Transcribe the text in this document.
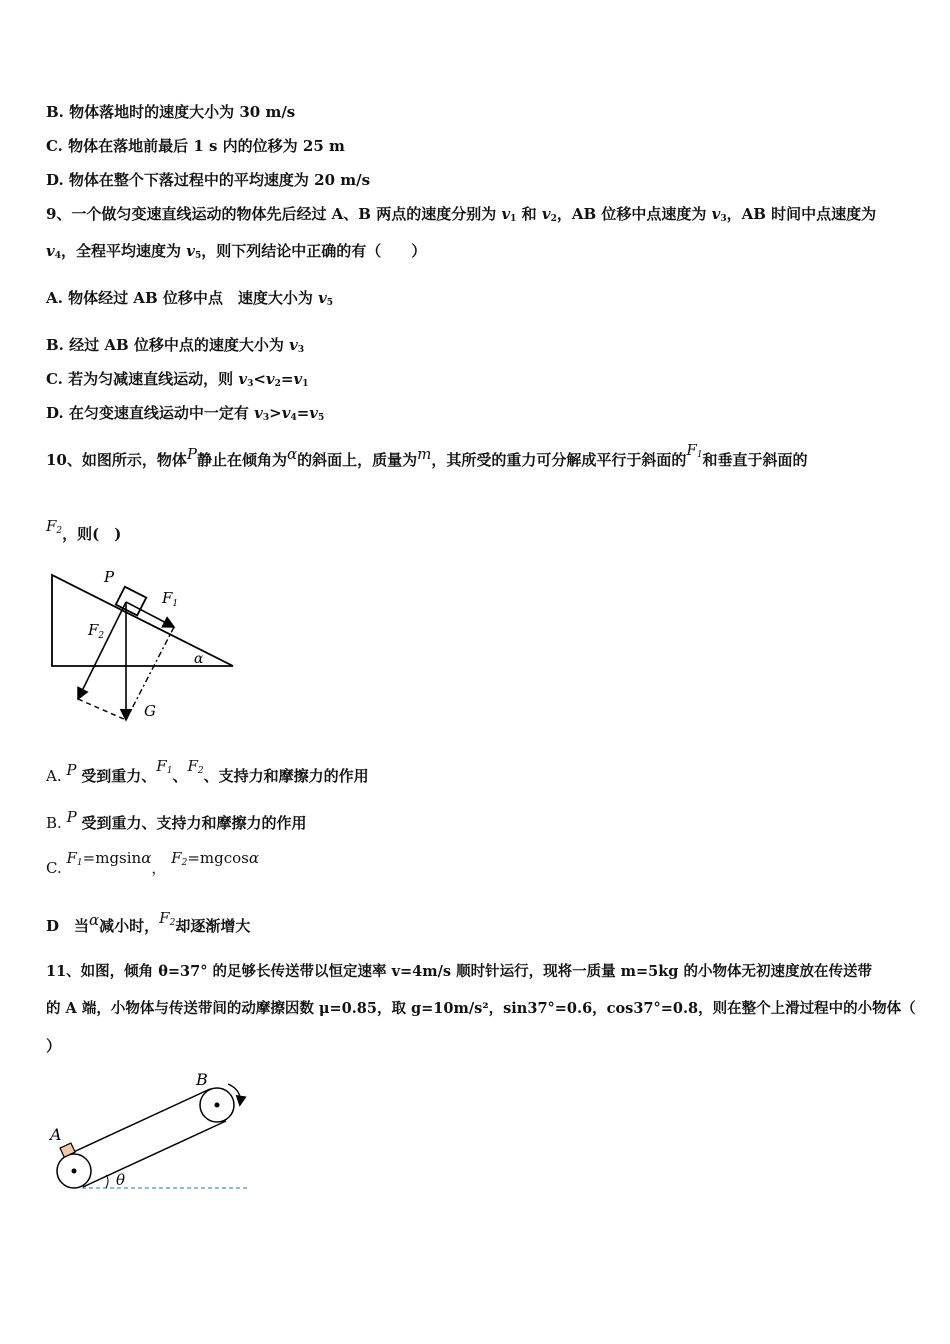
B. 物体落地时的速度大小为 30 m/s
C. 物体在落地前最后 1 s 内的位移为 25 m
D. 物体在整个下落过程中的平均速度为 20 m/s
9、一个做匀变速直线运动的物体先后经过 A、B 两点的速度分别为 $v_1$ 和 $v_2$，AB 位移中点速度为 $v_3$，AB 时间中点速度为
$v_4$，全程平均速度为 $v_5$，则下列结论中正确的有（　　）
A. 物体经过 AB 位移中点　速度大小为 $v_5$
B. 经过 AB 位移中点的速度大小为 $v_3$
C. 若为匀减速直线运动，则 $v_3<v_2=v_1$
D. 在匀变速直线运动中一定有 $v_3>v_4=v_5$
10、如图所示，物体P静止在倾角为α的斜面上，质量为m，其所受的重力可分解成平行于斜面的$F_1$和垂直于斜面的
$F_2$，则(　)
P
$F_1$
$F_2$
G
α
A. P 受到重力、$F_1$、$F_2$、支持力和摩擦力的作用
B. P 受到重力、支持力和摩擦力的作用
C. $F_1=mgsin\alpha$， $F_2=mgcos\alpha$
D　当α减小时，$F_2$却逐渐增大
11、如图，倾角 θ=37° 的足够长传送带以恒定速率 v=4m/s 顺时针运行，现将一质量 m=5kg 的小物体无初速度放在传送带
的 A 端，小物体与传送带间的动摩擦因数 μ=0.85，取 g=10m/s²，sin37°=0.6，cos37°=0.8，则在整个上滑过程中的小物体（
）
A
B
θ
